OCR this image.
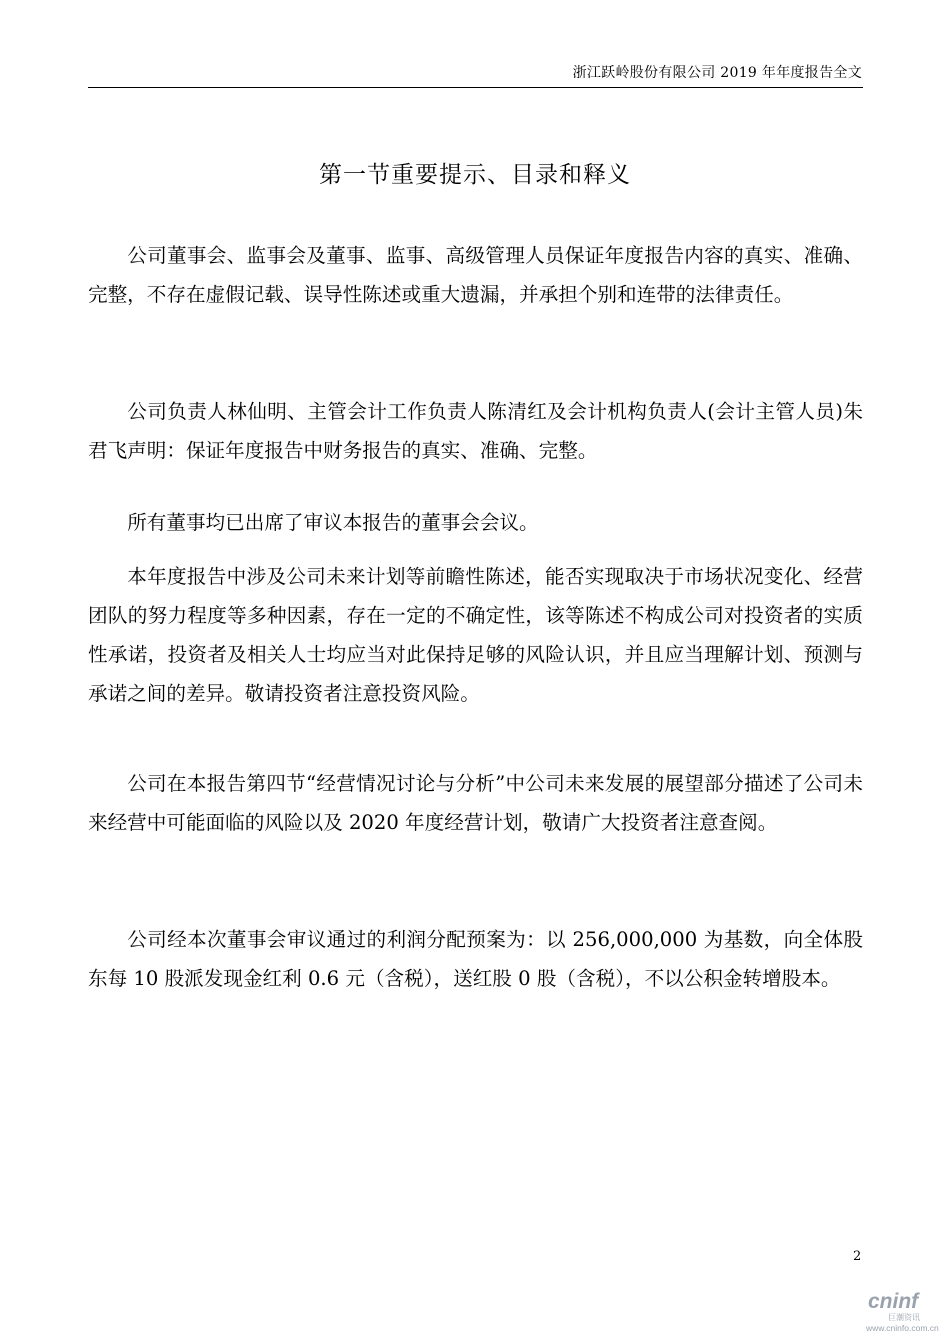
浙江跃岭股份有限公司 2019 年年度报告全文
第一节重要提示、目录和释义

公司董事会、监事会及董事、监事、高级管理人员保证年度报告内容的真实、准确、完整，不存在虚假记载、误导性陈述或重大遗漏，并承担个别和连带的法律责任。

公司负责人林仙明、主管会计工作负责人陈清红及会计机构负责人(会计主管人员)朱君飞声明：保证年度报告中财务报告的真实、准确、完整。

所有董事均已出席了审议本报告的董事会会议。

本年度报告中涉及公司未来计划等前瞻性陈述，能否实现取决于市场状况变化、经营团队的努力程度等多种因素，存在一定的不确定性，该等陈述不构成公司对投资者的实质性承诺，投资者及相关人士均应当对此保持足够的风险认识，并且应当理解计划、预测与承诺之间的差异。敬请投资者注意投资风险。

公司在本报告第四节“经营情况讨论与分析”中公司未来发展的展望部分描述了公司未来经营中可能面临的风险以及 2020 年度经营计划，敬请广大投资者注意查阅。

公司经本次董事会审议通过的利润分配预案为：以 256,000,000 为基数，向全体股东每 10 股派发现金红利 0.6 元（含税），送红股 0 股（含税），不以公积金转增股本。

2
cninf
巨潮资讯
www.cninfo.com.cn
